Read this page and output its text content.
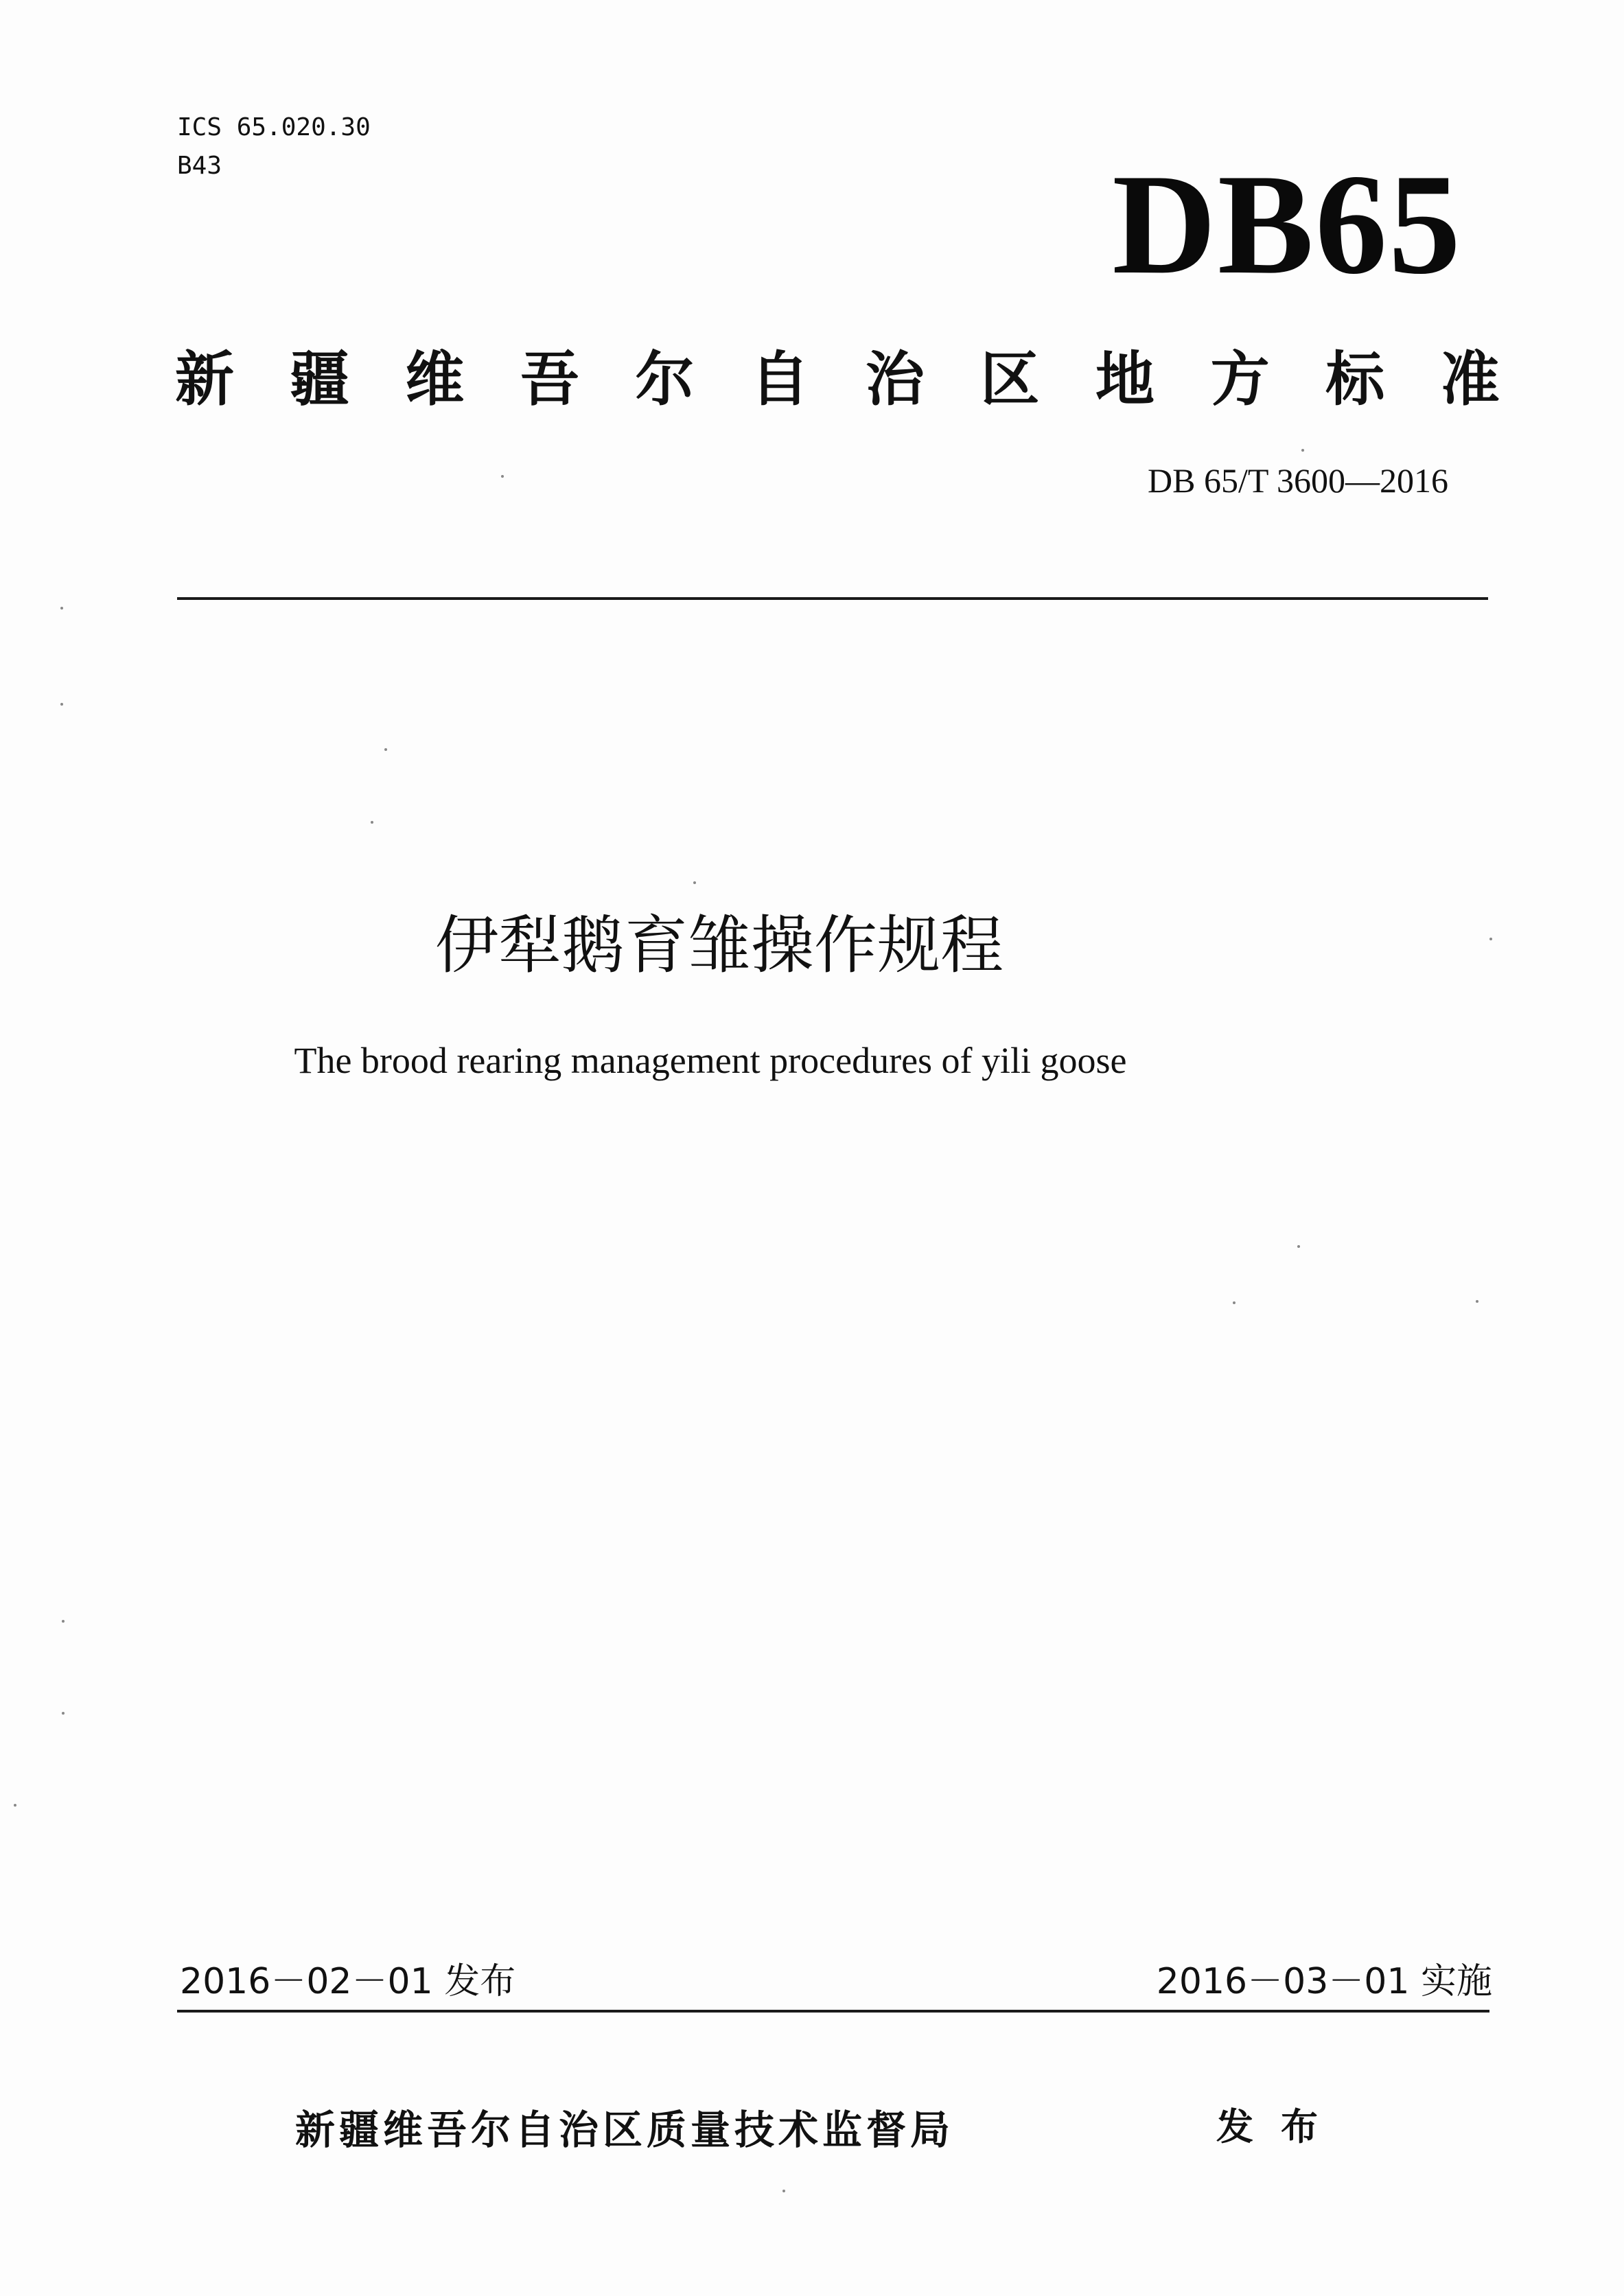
ICS 65.020.30
B43	DB65
新 疆 维 吾 尔 自 治 区 地 方 标 准
DB 65/T 3600—2016
伊犁鹅育雏操作规程
The brood rearing management procedures of yili goose
2016－02－01 发布	2016－03－01 实施
新疆维吾尔自治区质量技术监督局	发布
